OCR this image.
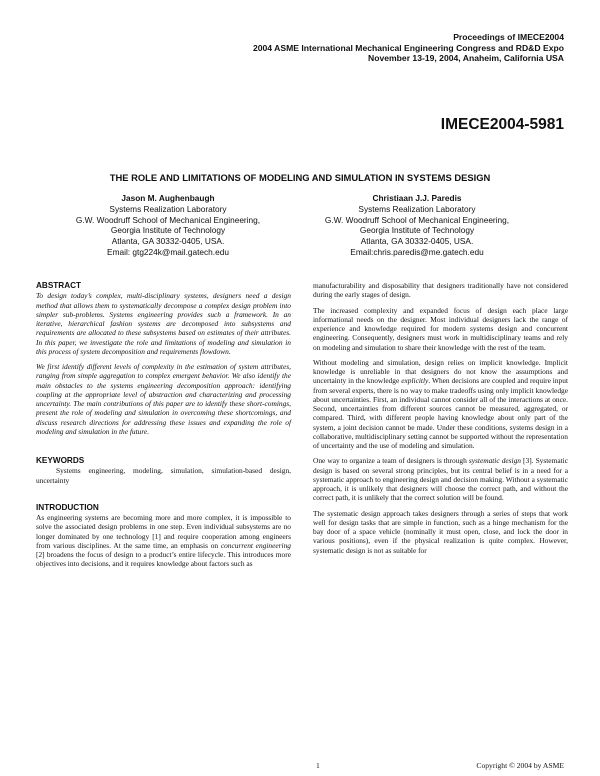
Proceedings of IMECE2004
2004 ASME International Mechanical Engineering Congress and RD&D Expo
November 13-19, 2004, Anaheim, California USA
IMECE2004-5981
THE ROLE AND LIMITATIONS OF MODELING AND SIMULATION IN SYSTEMS DESIGN
Jason M. Aughenbaugh
Systems Realization Laboratory
G.W. Woodruff School of Mechanical Engineering,
Georgia Institute of Technology
Atlanta, GA 30332-0405, USA.
Email: gtg224k@mail.gatech.edu
Christiaan J.J. Paredis
Systems Realization Laboratory
G.W. Woodruff School of Mechanical Engineering,
Georgia Institute of Technology
Atlanta, GA 30332-0405, USA.
Email:chris.paredis@me.gatech.edu
ABSTRACT

To design today’s complex, multi-disciplinary systems, designers need a design method that allows them to systematically decompose a complex design problem into simpler sub-problems. Systems engineering provides such a framework. In an iterative, hierarchical fashion systems are decomposed into subsystems and requirements are allocated to these subsystems based on estimates of their attributes. In this paper, we investigate the role and limitations of modeling and simulation in this process of system decomposition and requirements flowdown.

We first identify different levels of complexity in the estimation of system attributes, ranging from simple aggregation to complex emergent behavior. We also identify the main obstacles to the systems engineering decomposition approach: identifying coupling at the appropriate level of abstraction and characterizing and processing uncertainty. The main contributions of this paper are to identify these short-comings, present the role of modeling and simulation in overcoming these shortcomings, and discuss research directions for addressing these issues and expanding the role of modeling and simulation in the future.

KEYWORDS

Systems engineering, modeling, simulation, simulation-based design, uncertainty

INTRODUCTION

As engineering systems are becoming more and more complex, it is impossible to solve the associated design problems in one step. Even individual subsystems are no longer dominated by one technology [1] and require cooperation among engineers from various disciplines. At the same time, an emphasis on concurrent engineering [2] broadens the focus of design to a product’s entire lifecycle. This introduces more objectives into decisions, and it requires knowledge about factors such as

manufacturability and disposability that designers traditionally have not considered during the early stages of design.

The increased complexity and expanded focus of design each place large informational needs on the designer. Most individual designers lack the range of experience and knowledge required for modern systems design and concurrent engineering. Consequently, designers must work in multidisciplinary teams and rely on modeling and simulation to share their knowledge with the rest of the team.

Without modeling and simulation, design relies on implicit knowledge. Implicit knowledge is unreliable in that designers do not know the assumptions and uncertainty in the knowledge explicitly. When decisions are coupled and require input from several experts, there is no way to make tradeoffs using only implicit knowledge about uncertainties. First, an individual cannot consider all of the interactions at once. Second, uncertainties from different sources cannot be measured, aggregated, or compared. Third, with different people having knowledge about only part of the system, a joint decision cannot be made. Under these conditions, systems design in a collaborative, multidisciplinary setting cannot be supported without the representation of uncertainty and the use of modeling and simulation.

One way to organize a team of designers is through systematic design [3]. Systematic design is based on several strong principles, but its central belief is in a need for a systematic approach to engineering design and decision making. Without a systematic approach, it is unlikely that designers will choose the correct path, and without the correct path, it is unlikely that the correct solution will be found.

The systematic design approach takes designers through a series of steps that work well for design tasks that are simple in function, such as a hinge mechanism for the bay door of a space vehicle (nominally it must open, close, and lock the door in various positions), even if the physical realization is quite complex. However, systematic design is not as suitable for

1	Copyright © 2004 by ASME
